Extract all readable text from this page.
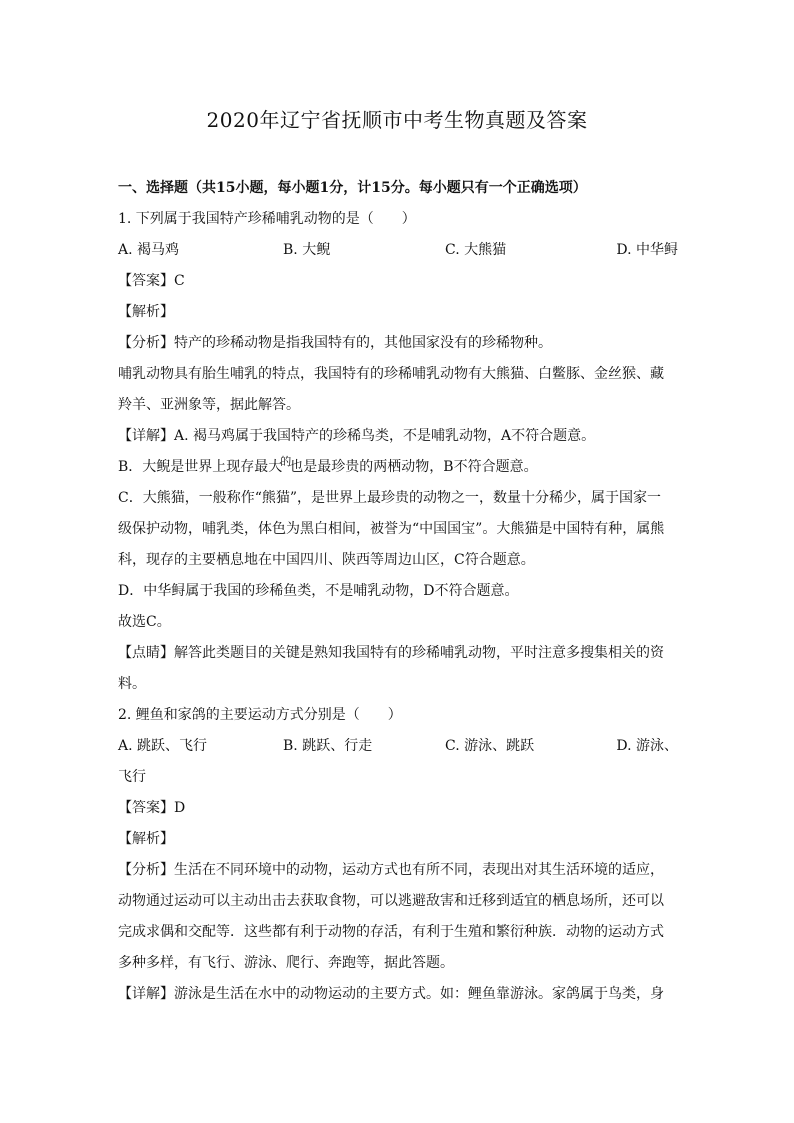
2020年辽宁省抚顺市中考生物真题及答案
一、选择题（共15小题，每小题1分，计15分。每小题只有一个正确选项）
1. 下列属于我国特产珍稀哺乳动物的是（　　）
A. 褐马鸡	B. 大鲵	C. 大熊猫	D. 中华鲟
【答案】C
【解析】
【分析】特产的珍稀动物是指我国特有的，其他国家没有的珍稀物种。
哺乳动物具有胎生哺乳的特点，我国特有的珍稀哺乳动物有大熊猫、白鳖豚、金丝猴、藏
羚羊、亚洲象等，据此解答。
【详解】A. 褐马鸡属于我国特产的珍稀鸟类，不是哺乳动物，A不符合题意。
B．大鲵是世界上现存最大$^的$也是最珍贵的两栖动物，B不符合题意。
C．大熊猫，一般称作“熊猫”，是世界上最珍贵的动物之一，数量十分稀少，属于国家一
级保护动物，哺乳类，体色为黑白相间，被誉为“中国国宝”。大熊猫是中国特有种，属熊
科，现存的主要栖息地在中国四川、陕西等周边山区，C符合题意。
D．中华鲟属于我国的珍稀鱼类，不是哺乳动物，D不符合题意。
故选C。
【点睛】解答此类题目的关键是熟知我国特有的珍稀哺乳动物，平时注意多搜集相关的资
料。
2. 鲤鱼和家鸽的主要运动方式分别是（　　）
A. 跳跃、飞行	B. 跳跃、行走	C. 游泳、跳跃	D. 游泳、
飞行
【答案】D
【解析】
【分析】生活在不同环境中的动物，运动方式也有所不同，表现出对其生活环境的适应，
动物通过运动可以主动出击去获取食物，可以逃避敌害和迁移到适宜的栖息场所，还可以
完成求偶和交配等．这些都有利于动物的存活，有利于生殖和繁衍种族．动物的运动方式
多种多样，有飞行、游泳、爬行、奔跑等，据此答题。
【详解】游泳是生活在水中的动物运动的主要方式。如：鲤鱼靠游泳。家鸽属于鸟类，身
